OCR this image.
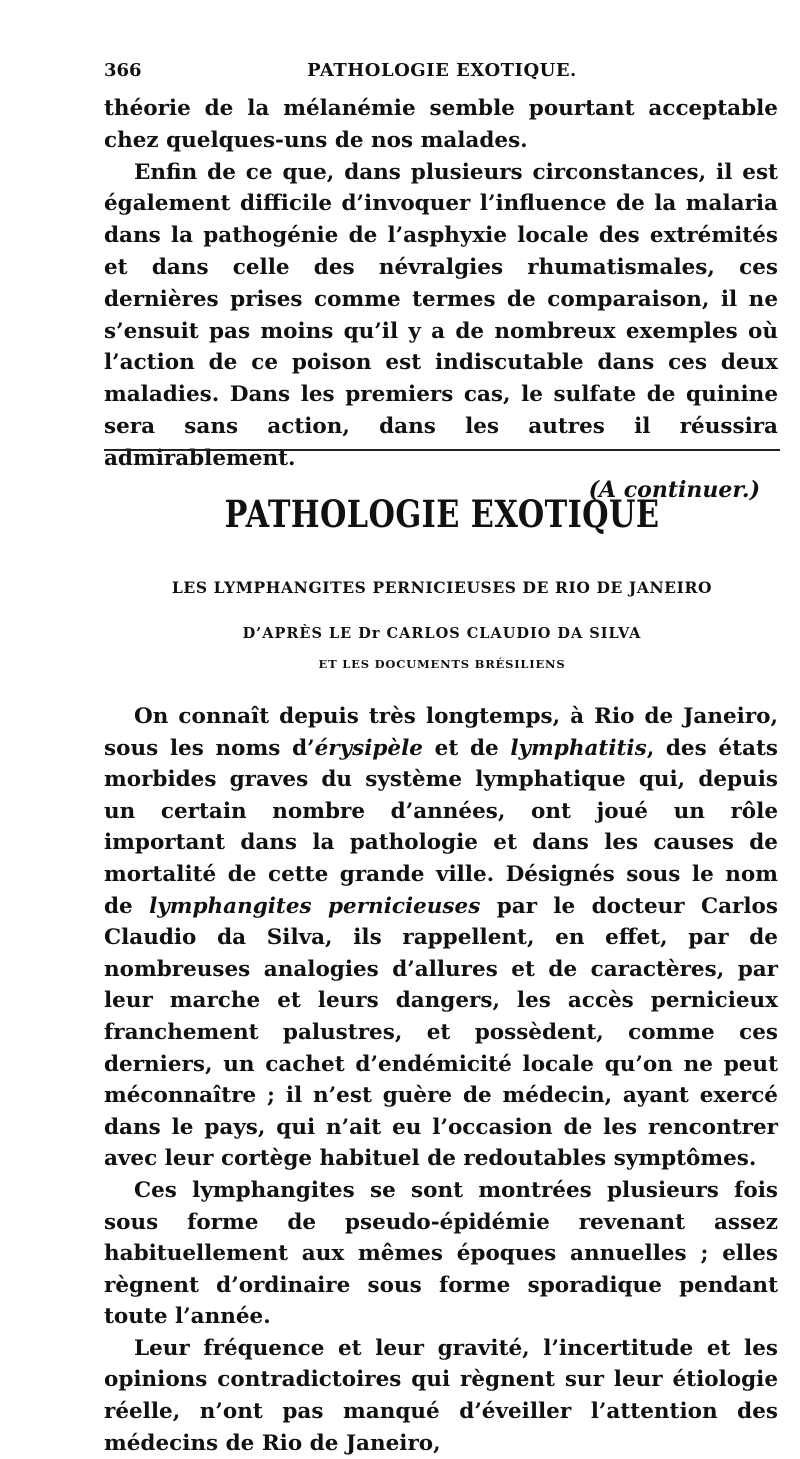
366	PATHOLOGIE EXOTIQUE.

théorie de la mélanémie semble pourtant acceptable chez quelques-uns de nos malades.

Enfin de ce que, dans plusieurs circonstances, il est également difficile d’invoquer l’influence de la malaria dans la pathogénie de l’asphyxie locale des extrémités et dans celle des névralgies rhumatismales, ces dernières prises comme termes de comparaison, il ne s’ensuit pas moins qu’il y a de nombreux exemples où l’action de ce poison est indiscutable dans ces deux maladies. Dans les premiers cas, le sulfate de quinine sera sans action, dans les autres il réussira admirablement.

(A continuer.)

PATHOLOGIE EXOTIQUE
LES LYMPHANGITES PERNICIEUSES DE RIO DE JANEIRO
D’APRÈS LE Dr CARLOS CLAUDIO DA SILVA
ET LES DOCUMENTS BRÉSILIENS

On connaît depuis très longtemps, à Rio de Janeiro, sous les noms d’érysipèle et de lymphatitis, des états morbides graves du système lymphatique qui, depuis un certain nombre d’années, ont joué un rôle important dans la pathologie et dans les causes de mortalité de cette grande ville. Désignés sous le nom de lymphangites pernicieuses par le docteur Carlos Claudio da Silva, ils rappellent, en effet, par de nombreuses analogies d’allures et de caractères, par leur marche et leurs dangers, les accès pernicieux franchement palustres, et possèdent, comme ces derniers, un cachet d’endémicité locale qu’on ne peut méconnaître ; il n’est guère de médecin, ayant exercé dans le pays, qui n’ait eu l’occasion de les rencontrer avec leur cortège habituel de redoutables symptômes.

Ces lymphangites se sont montrées plusieurs fois sous forme de pseudo-épidémie revenant assez habituellement aux mêmes époques annuelles ; elles règnent d’ordinaire sous forme sporadique pendant toute l’année.

Leur fréquence et leur gravité, l’incertitude et les opinions contradictoires qui règnent sur leur étiologie réelle, n’ont pas manqué d’éveiller l’attention des médecins de Rio de Janeiro,
